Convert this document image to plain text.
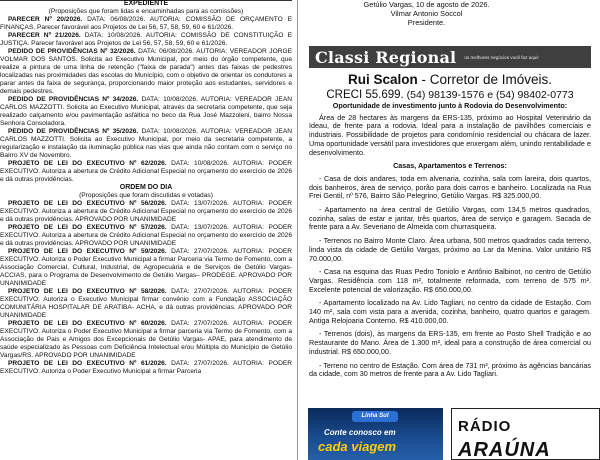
EXPEDIENTE

(Proposições que foram lidas e encaminhadas para as comissões)

PARECER Nº 20/2026. DATA: 06/08/2026. AUTORIA: COMISSÃO DE ORÇAMENTO E FINANÇAS. Parecer favorável aos Projetos de Lei 56, 57, 58, 59, 60 e 61/2026.

PARECER Nº 21/2026. DATA: 10/08/2026. AUTORIA: COMISSÃO DE CONSTITUIÇÃO E JUSTIÇA. Parecer favorável aos Projetos de Lei 56, 57, 58, 59, 60 e 61/2026.

PEDIDO DE PROVIDÊNCIAS Nº 32/2026. DATA: 06/08/2026. AUTORIA: VEREADOR JORGE VOLMAR DOS SANTOS. Solicita ao Executivo Municipal, por meio do órgão competente, que realize a pintura de uma linha de retenção ("faixa de parada") antes das faixas de pedestres localizadas nas proximidades das escolas do Município, com o objetivo de orientar os condutores a parar antes da faixa de segurança, proporcionando maior proteção aos estudantes, servidores e demais pedestres.

PEDIDO DE PROVIDÊNCIAS Nº 34/2026. DATA: 10/08/2026. AUTORIA: VEREADOR JEAN CARLOS MAZZOTTI. Solicita ao Executivo Municipal, através da secretaria competente, que seja realizado calçamento e/ou pavimentação asfáltica no beco da Rua José Mazzoleni, bairro Nossa Senhora Consoladora.

PEDIDO DE PROVIDÊNCIAS Nº 35/2026. DATA: 10/08/2026. AUTORIA: VEREADOR JEAN CARLOS MAZZOTTI. Solicita ao Executivo Municipal, por meio da secretaria competente, a regularização e instalação da iluminação pública nas vias que ainda não contam com o serviço no Bairro XV de Novembro.

PROJETO DE LEI DO EXECUTIVO Nº 62/2026. DATA: 10/08/2026. AUTORIA: PODER EXECUTIVO. Autoriza a abertura de Crédito Adicional Especial no orçamento do exercício de 2026 e dá outras providências.

ORDEM DO DIA

(Proposições que foram discutidas e votadas)

PROJETO DE LEI DO EXECUTIVO Nº 56/2026. DATA: 13/07/2026. AUTORIA: PODER EXECUTIVO. Autoriza a abertura de Crédito Adicional Especial no orçamento do exercício de 2026 e dá outras providências. APROVADO POR UNANIMIDADE

PROJETO DE LEI DO EXECUTIVO Nº 57/2026. DATA: 13/07/2026. AUTORIA: PODER EXECUTIVO. Autoriza a abertura de Crédito Adicional Especial no orçamento do exercício de 2026 e dá outras providências. APROVADO POR UNANIMIDADE

PROJETO DE LEI DO EXECUTIVO Nº 59/2026. DATA: 27/07/2026. AUTORIA: PODER EXECUTIVO. Autoriza o Poder Executivo Municipal a firmar Parceria via Termo de Fomento, com a Associação Comercial, Cultural, Industrial, de Agropecuária e de Serviços de Getúlio Vargas- ACCIAS, para o Programa de Desenvolvimento de Getúlio Vargas– PRODEGE. APROVADO POR UNANIMIDADE

PROJETO DE LEI DO EXECUTIVO Nº 58/2026. DATA: 27/07/2026. AUTORIA: PODER EXECUTIVO. Autoriza o Executivo Municipal firmar convênio com a Fundação ASSOCIAÇÃO COMUNITÁRIA HOSPITALAR DE ARATIBA- ACHA, e dá outras providências. APROVADO POR UNANIMIDADE

PROJETO DE LEI DO EXECUTIVO Nº 60/2026. DATA: 27/07/2026. AUTORIA: PODER EXECUTIVO. Autoriza o Poder Executivo Municipal a firmar parceria via Termo de Fomento, com a Associação de Pais e Amigos dos Excepcionais de Getúlio Vargas- APAE, para atendimento de saúde especializado às Pessoas com Deficiência Intelectual e/ou Múltipla do Município de Getúlio Vargas/RS. APROVADO POR UNANIMIDADE

PROJETO DE LEI DO EXECUTIVO Nº 61/2026. DATA: 27/07/2026. AUTORIA: PODER EXECUTIVO. Autoriza o Poder Executivo Municipal a firmar Parceria

Getúlio Vargas, 10 de agosto de 2026.
Vilmar Antonio Soccol
Presidente.
Classi Regional os melhores negócios você faz aqui!
Rui Scalon - Corretor de Imóveis.
CRECI 55.699. (54) 98139-1576 e (54) 98402-0773

Oportunidade de investimento junto à Rodovia do Desenvolvimento:

Área de 28 hectares às margens da ERS-135, próximo ao Hospital Veterinário da Ideau, de frente para a rodovia. Ideal para a instalação de pavilhões comerciais e industriais. Possibilidade de projetos para condomínio residencial ou chácara de lazer. Uma oportunidade versátil para investidores que enxergam além, unindo rentabilidade e desenvolvimento.

Casas, Apartamentos e Terrenos:

- Casa de dois andares, toda em alvenaria, cozinha, sala com lareira, dois quartos, dois banheiros, área de serviço, porão para dois carros e banheiro. Localizada na Rua Frei Gentil, nº 576, Bairro São Pelegrino, Getúlio Vargas. R$ 325.000,00.

- Apartamento na área central de Getúlio Vargas, com 134,5 metros quadrados, cozinha, salas de estar e jantar, três quartos, área de serviço e garagem. Sacada de frente para a Av. Severiano de Almeida com churrasqueira.

- Terrenos no Bairro Monte Claro. Área urbana, 500 metros quadrados cada terreno, linda vista da cidade de Getúlio Vargas, próximo ao Lar da Menina. Valor unitário R$ 70.000,00.

- Casa na esquina das Ruas Pedro Toniolo e Antônio Balbinot, no centro de Getúlio Vargas. Residência com 118 m², totalmente reformada, com terreno de 575 m². Excelente potencial de valorização. R$ 650.000,00.

- Apartamento localizado na Av. Lido Tagliari, no centro da cidade de Estação. Com 140 m², sala com vista para a avenida, cozinha, banheiro, quatro quartos e garagem. Antiga Relojoaria Conterno. R$ 410.000,00.

- Terrenos (dois), às margens da ERS-135, em frente ao Posto Shell Tradição e ao Restaurante do Mano. Área de 1.300 m², ideal para a construção de área comercial ou industrial. R$ 650.000,00.

- Terreno no centro de Estação. Com área de 731 m², próximo às agências bancárias da cidade, com 30 metros de frente para a Av. Lido Tagliari.

Linha Sul
Conte conosco em
cada viagem
RÁDIO
ARAÚNA
